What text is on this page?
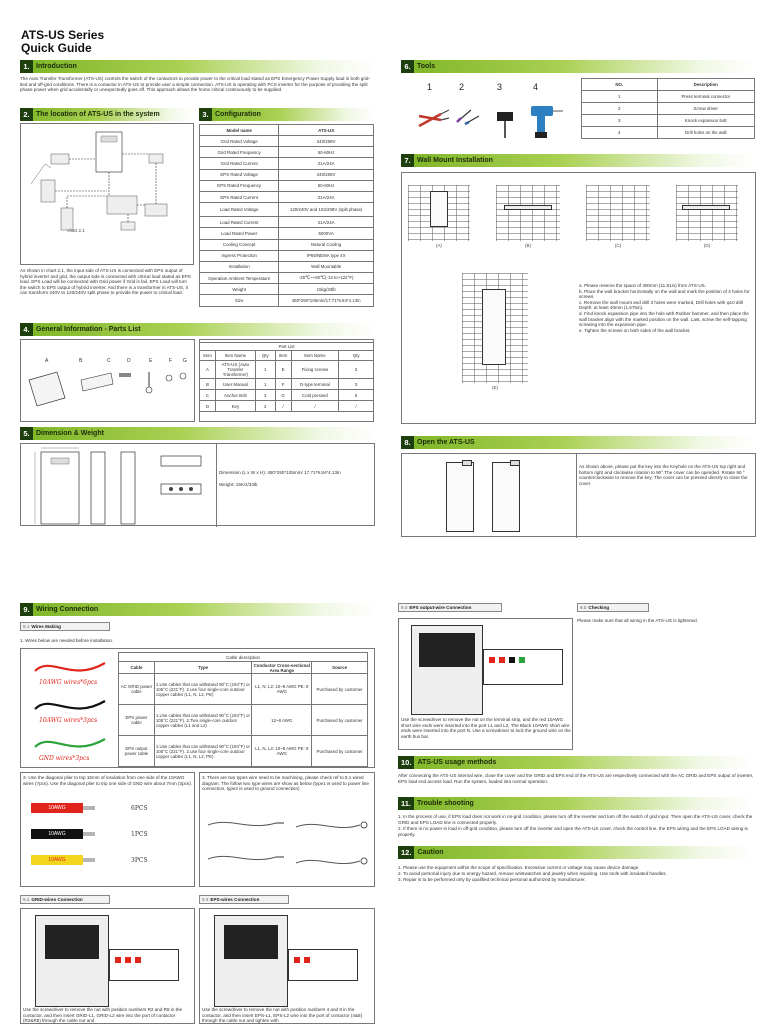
ATS-US Series
Quick Guide
1. Introduction
The Auto Transfer Transformer (ATS-US) controls the switch of the contactors to provide power to the critical load stated as EPS Emergency Power Supply load in both grid-tied and off-grid conditions. There is a contactor in ATS-US to provide user a simple connection. ATS-US is operating with PCS inverter for the purpose of providing the split phase power when grid accidentally or unexpectedly goes off. This approach allows the home critical continuously to be supplied.
2. The location of ATS-US in the system
chart 2.1
As shown in chart 2.1, the input side of ATS-US is connected with EPS output of hybrid inverter and grid, the output side is connected with critical load stated as EPS load. EPS Load will be connected with Grid power if Grid is fail, EPS Load will turn the switch to EPS output of hybrid inverter. And there is a transformer in ATS-US, it can transform 240V to 120/240V split phase to provide the power to critical load.
3. Configuration
Model name	ATS-US
Grid Rated Voltage	240/208V
Grid Rated Frequency	50-60Hz
Grid Rated Current	21A/24A
EPS Rated Voltage	240/208V
EPS Rated Frequency	50-60Hz
EPS Rated Current	21A/24A
Load Rated Voltage	120/240V and 104/208V (split phase)
Load Rated Current	21A/24A
Load Rated Power	5000VA
Cooling Concept	Natural Cooling
Ingress Protection	IP65/NEMA type 4X
Installation	Wall Mountable
Operation Ambient Temperature	-25℃~+50℃(-13 to+122°F)
Weight	15kg/33lb
Size	450*250*105mm/17.71*9.84*4.13in
4. General Information - Parts List
A	B	C	D	E	F G
Part List					
Item	Item Name	Qty	Item	Item Name	Qty
A	ATS-US (Auto Transfer Transformer)	1	E	Fixing screws	2
B	User Manual	1	F	D-type terminal	3
C	Anchor Bolt	3	G	Cold pressed	6
D	Key	2	/	/	/
5. Dimension & Weight
Dimension (L x W x H): 450*250*105mm/ 17.71*9.84*4.13in
Weight: 15KG/33lb
6. Tools
1	2	3	4	NO.	Description
1	Press terminal connector
2	Screw driver
3	Knock expansion bolt
4	Drill holes on the wall
7. Wall Mount Installation
(A)	(B)	(C)	(D)
(E)
a. Please reserve the space of 300mm (11.81in) from ATS-US.
b. Place the wall bracket horizontally on the wall and mark the position of 3 holes for screws.
c. Remove the wall mount and drill 3 holes were marked, Drill holes with φ10 drill Depth: at least 40mm (1.575in).
d. Find knock expansion pipe into the hole with Rubber hammer, and then place the wall bracket align with the marked position on the wall. Last, screw the self-tapping screwing into the expansion pipe.
e. Tighten the screws on both sides of the wall bracket.
8. Open the ATS-US
As shown above, please put the key into the Keyhole on the ATS-US top right and bottom right and clockwise rotation to 90°.The cover can be opended. Rotate 90 ° counterclockwise to remove the key. The cover can be pressed directly to close the cover.
9. Wiring Connection
9.1 Wires Making
1. Wires below are needed before installation.
10AWG wires*6pcs
10AWG wires*3pcs
GND wires*3pcs
Cable description			
Cable	Type	Conductor Cross-sectional Area Range	Source
AC GRID power cable	1.Use cables that can withstand 90°C (194°F) or 105°C (221°F). 2.use four single-core outdoor copper cables (L1, N, L2, PE)	L1, N, L2: 10~8 AWG PE: 8 AWG	Purchased by customer
EPS power cable	1.Use cables that can withstand 90°C (194°F) or 105°C (221°F). 2.Two single-core outdoor copper cables (L1 and L2)	12~8 AWG	Purchased by customer
EPS output power cable	1.Use cables that can withstand 90°C (194°F) or 105°C (221°F). 2.use four single-core outdoor copper cables (L1, N, L2, PE)	L1, N, L2: 10~8 AWG PE: 8 AWG	Purchased by customer
2- Use the diagonal plier to trip 15mm of insulation from one side of the 10AWG wires (7pcs). Use the diagonal plier to trip one side of GND wire about 7mm (3pcs).
10AWG	6PCS
10AWG	1PCS
10AWG	3PCS
3. There are two types wire need to be machining, please check ref to 9.1 wired diagram. The follow two type wires are show as below (type1 is used to power line connection, type2 is used to ground connection)
9.2 GRID-wires Connection
Use the screwdriver to remove the nut with position numbers R2 and R8 in the contactor, and then insert GRID-L1, GRID-L2 wire into the port of contactor (R2&R8) through the cable nut and
9.3 EPS-wires Connection
Use the screwdriver to remove the nut with position numbers 4 and 8 in the contactor, and then insert EPS-L1, EPS-L2 wire into the port of contactor (4&8) through the cable nut and tighten with
9.4 EPS output-wire Connection
Use the screwdriver to remove the nut on the terminal strip, and the red 10AWG short wire ends were inserted into the port L1 and L2, The Black 10AWG short wire ends were inserted into the port N. Use a screwdriver to lock the ground wire on the earth bus bar.
9.5 Checking
Please make sure that all wiring in the ATS-US is tightened.
10. ATS-US usage methods
After connecting the ATS-US internal wire, close the cover and the GRID and EPS end of the ATS-US are respectively connected with the AC GRID and EPS output of inverter, EPS load end access load. Run the system, loaded into normal operation.
11. Trouble shooting
1. In the process of use, if EPS load does not work in on-grid condition, please turn off the inverter and turn off the switch of grid input. Then open the ATS-US cover, check the GRID and EPS LOAD line is connected properly.
2. If there is no power in load in off-grid condition, please turn off the inverter and open the ATS-US cover, check the control line, the EPS wiring and the EPS LOAD wiring is properly.
12. Caution
1. Please use the equipment within the scope of specification. Excessive current or voltage may cause device damage.
2. To avoid personal injury due to energy hazard, remove wristwatches and jewelry when repairing. Use tools with insulated handles.
3. Repair is to be performed only by qualified technical personal authorized by manufacturer.
